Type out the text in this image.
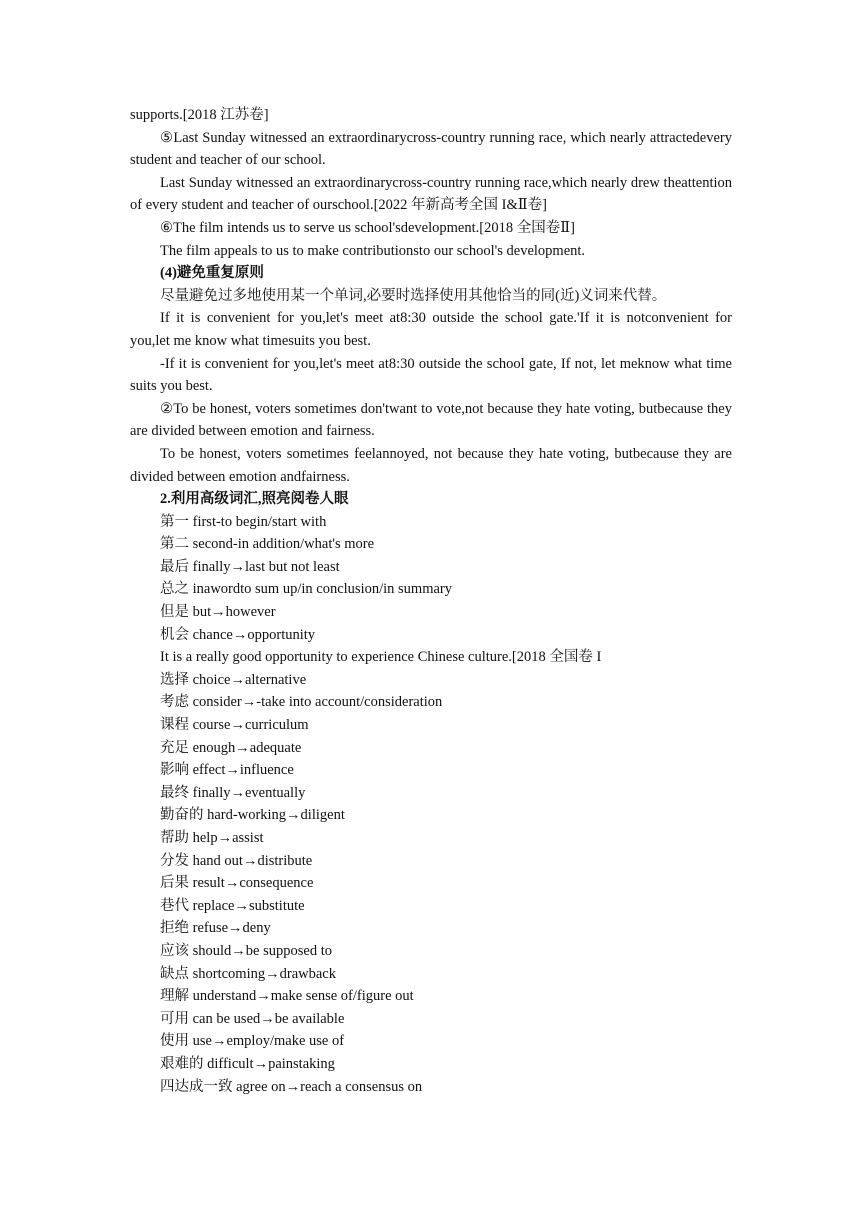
supports.[2018 江苏卷]

⑤Last Sunday witnessed an extraordinarycross-country running race, which nearly attractedevery student and teacher of our school.

Last Sunday witnessed an extraordinarycross-country running race,which nearly drew theattention of every student and teacher of ourschool.[2022 年新高考全国 I&Ⅱ卷]

⑥The film intends us to serve us school'sdevelopment.[2018 全国卷Ⅱ]

The film appeals to us to make contributionsto our school's development.

(4)避免重复原则

尽量避免过多地使用某一个单词,必要时选择使用其他恰当的同(近)义词来代替。

If it is convenient for you,let's meet at8:30 outside the school gate.'If it is notconvenient for you,let me know what timesuits you best.

-If it is convenient for you,let's meet at8:30 outside the school gate, If not, let meknow what time suits you best.

②To be honest, voters sometimes don'twant to vote,not because they hate voting, butbecause they are divided between emotion and fairness.

To be honest, voters sometimes feelannoyed, not because they hate voting, butbecause they are divided between emotion andfairness.

2.利用高级词汇,照亮阅卷人眼

第一 first-to begin/start with

第二 second-in addition/what's more

最后 finally→last but not least

总之 inawordto sum up/in conclusion/in summary

但是 but→however

机会 chance→opportunity

It is a really good opportunity to experience Chinese culture.[2018 全国卷 I

选择 choice→alternative

考虑 consider→-take into account/consideration

课程 course→curriculum

充足 enough→adequate

影响 effect→influence

最终 finally→eventually

勤奋的 hard-working→diligent

帮助 help→assist

分发 hand out→distribute

后果 result→consequence

巷代 replace→substitute

拒绝 refuse→deny

应该 should→be supposed to

缺点 shortcoming→drawback

理解 understand→make sense of/figure out

可用 can be used→be available

使用 use→employ/make use of

艰难的 difficult→painstaking

四达成一致 agree on→reach a consensus on
